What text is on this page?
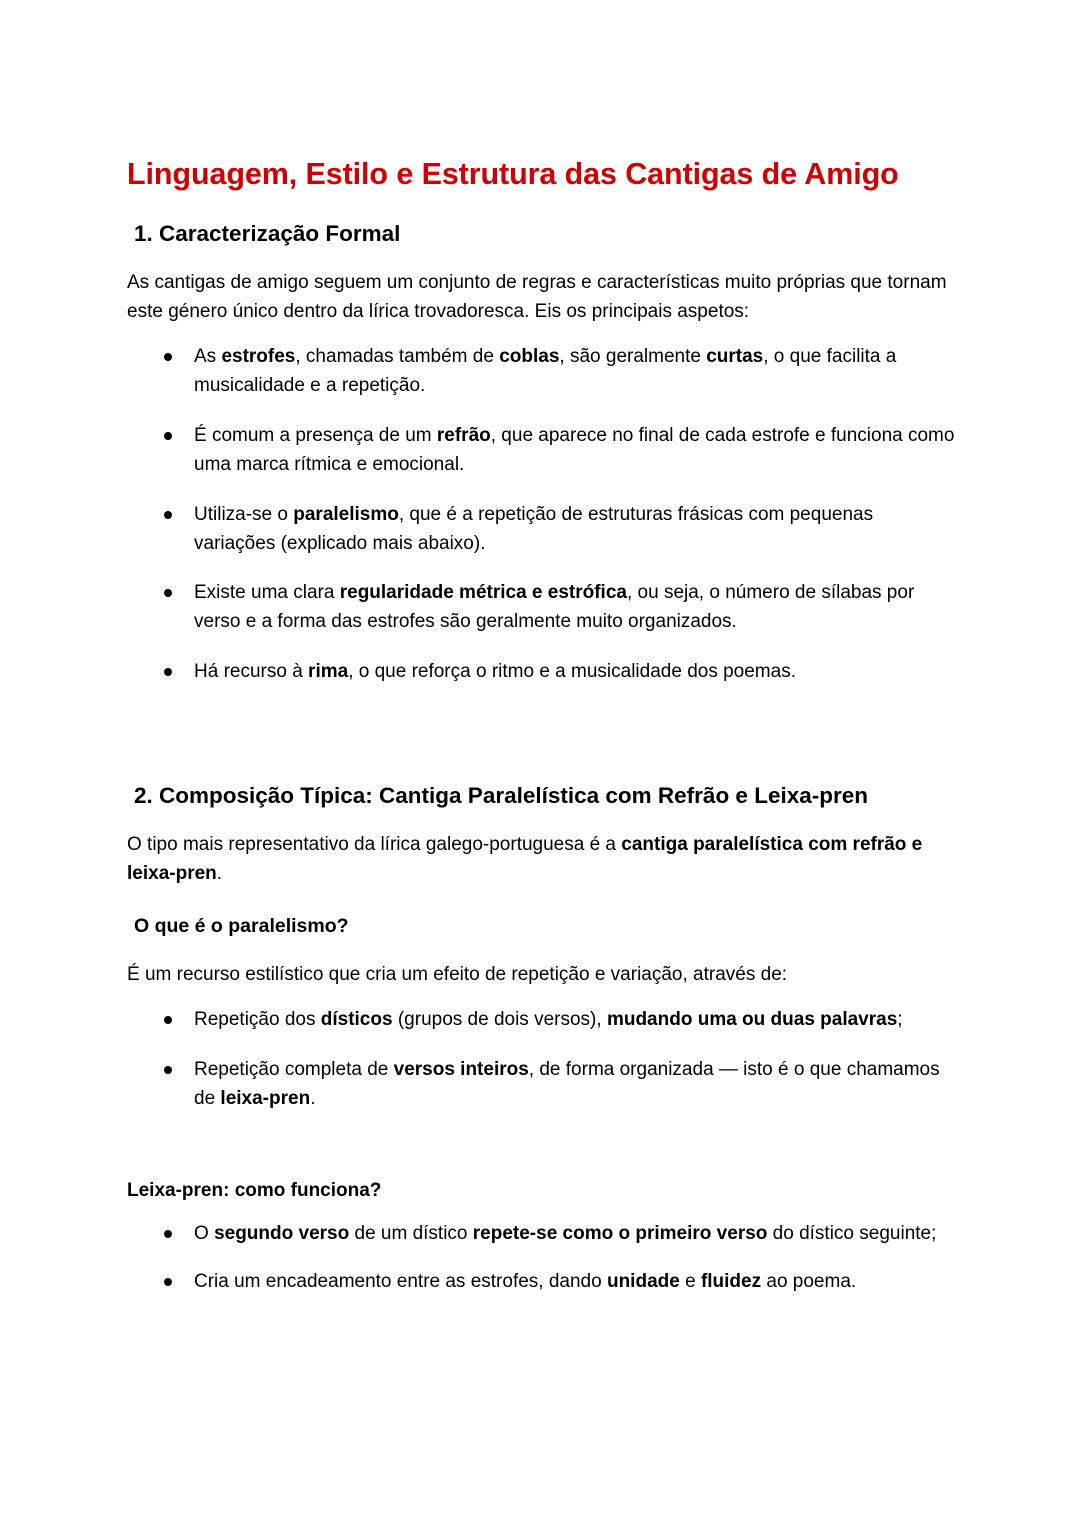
Linguagem, Estilo e Estrutura das Cantigas de Amigo
1. Caracterização Formal

As cantigas de amigo seguem um conjunto de regras e características muito próprias que tornam este género único dentro da lírica trovadoresca. Eis os principais aspetos:

As estrofes, chamadas também de coblas, são geralmente curtas, o que facilita a musicalidade e a repetição.
É comum a presença de um refrão, que aparece no final de cada estrofe e funciona como uma marca rítmica e emocional.
Utiliza-se o paralelismo, que é a repetição de estruturas frásicas com pequenas variações (explicado mais abaixo).
Existe uma clara regularidade métrica e estrófica, ou seja, o número de sílabas por verso e a forma das estrofes são geralmente muito organizados.
Há recurso à rima, o que reforça o ritmo e a musicalidade dos poemas.
2. Composição Típica: Cantiga Paralelística com Refrão e Leixa-pren

O tipo mais representativo da lírica galego-portuguesa é a cantiga paralelística com refrão e leixa-pren.

O que é o paralelismo?

É um recurso estilístico que cria um efeito de repetição e variação, através de:

Repetição dos dísticos (grupos de dois versos), mudando uma ou duas palavras;
Repetição completa de versos inteiros, de forma organizada — isto é o que chamamos de leixa-pren.
Leixa-pren: como funciona?
O segundo verso de um dístico repete-se como o primeiro verso do dístico seguinte;
Cria um encadeamento entre as estrofes, dando unidade e fluidez ao poema.
